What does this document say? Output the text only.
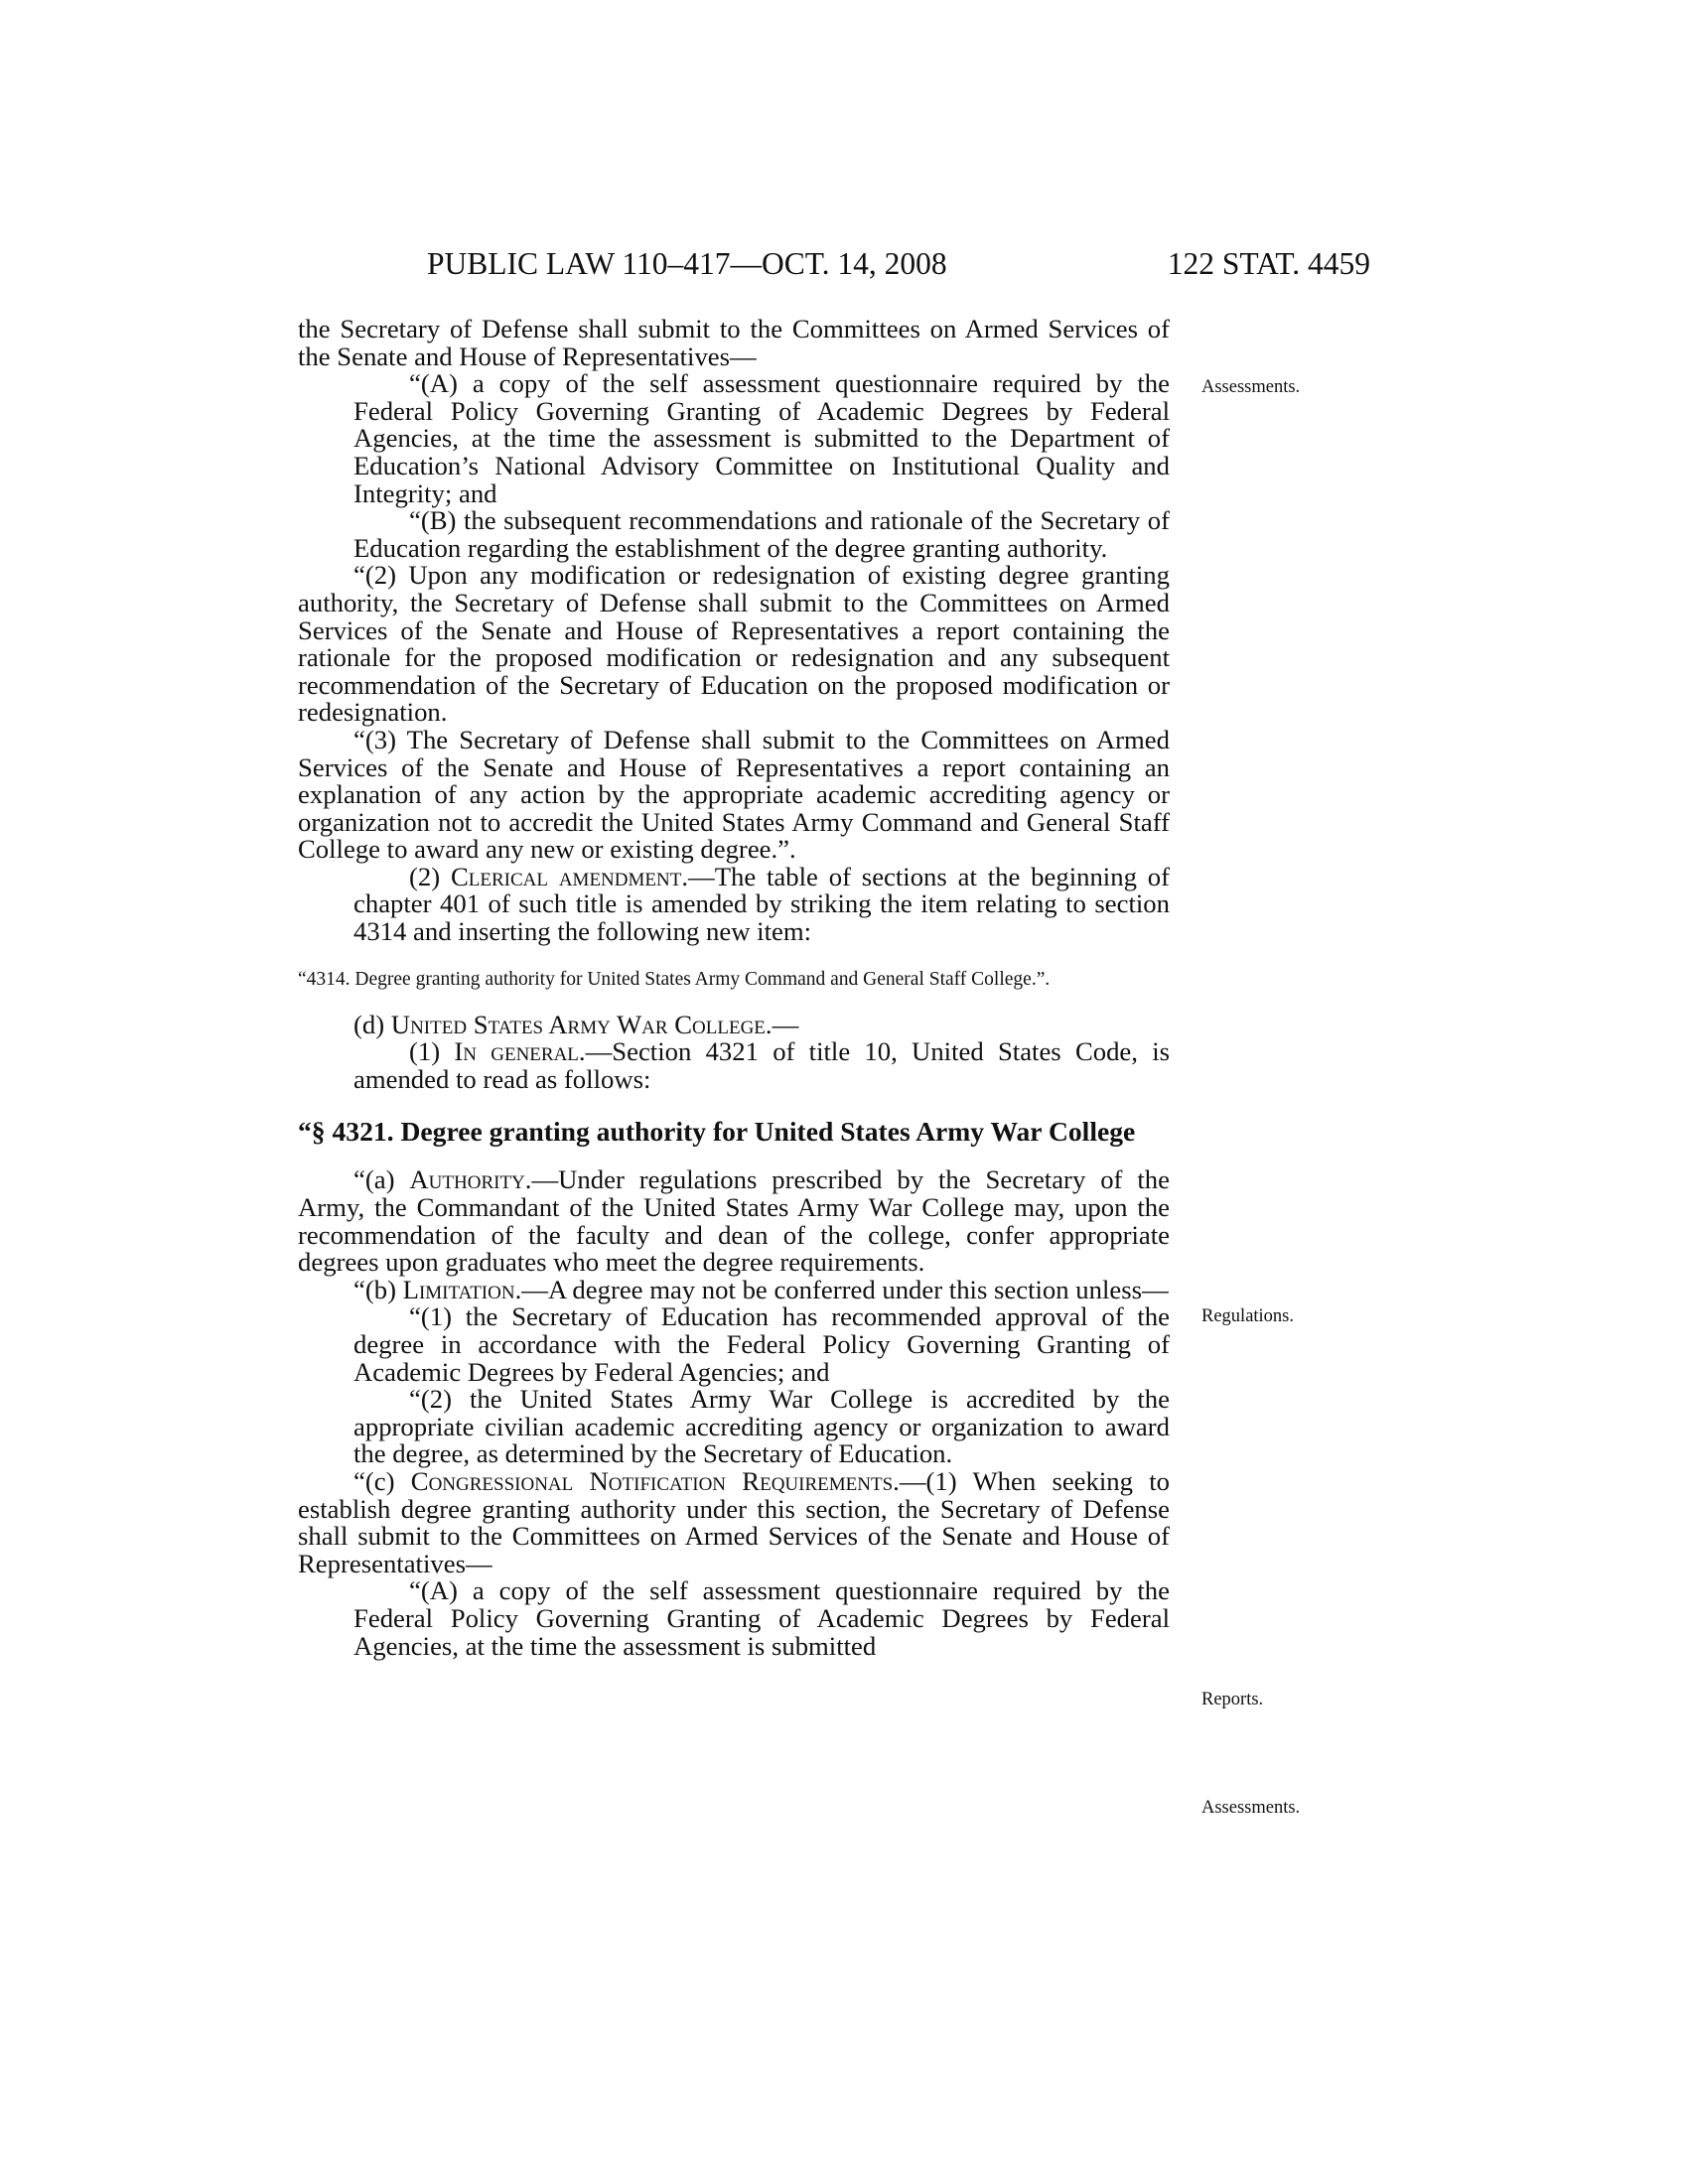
PUBLIC LAW 110–417—OCT. 14, 2008	122 STAT. 4459

the Secretary of Defense shall submit to the Committees on Armed Services of the Senate and House of Representatives—

“(A) a copy of the self assessment questionnaire required by the Federal Policy Governing Granting of Academic Degrees by Federal Agencies, at the time the assessment is submitted to the Department of Education’s National Advisory Committee on Institutional Quality and Integrity; and

“(B) the subsequent recommendations and rationale of the Secretary of Education regarding the establishment of the degree granting authority.

“(2) Upon any modification or redesignation of existing degree granting authority, the Secretary of Defense shall submit to the Committees on Armed Services of the Senate and House of Representatives a report containing the rationale for the proposed modification or redesignation and any subsequent recommendation of the Secretary of Education on the proposed modification or redesignation.

“(3) The Secretary of Defense shall submit to the Committees on Armed Services of the Senate and House of Representatives a report containing an explanation of any action by the appropriate academic accrediting agency or organization not to accredit the United States Army Command and General Staff College to award any new or existing degree.”.

(2) Clerical amendment.—The table of sections at the beginning of chapter 401 of such title is amended by striking the item relating to section 4314 and inserting the following new item:

“4314. Degree granting authority for United States Army Command and General Staff College.”.

(d) United States Army War College.—

(1) In general.—Section 4321 of title 10, United States Code, is amended to read as follows:

“§ 4321. Degree granting authority for United States Army War College

“(a) Authority.—Under regulations prescribed by the Secretary of the Army, the Commandant of the United States Army War College may, upon the recommendation of the faculty and dean of the college, confer appropriate degrees upon graduates who meet the degree requirements.

“(b) Limitation.—A degree may not be conferred under this section unless—

“(1) the Secretary of Education has recommended approval of the degree in accordance with the Federal Policy Governing Granting of Academic Degrees by Federal Agencies; and

“(2) the United States Army War College is accredited by the appropriate civilian academic accrediting agency or organization to award the degree, as determined by the Secretary of Education.

“(c) Congressional Notification Requirements.—(1) When seeking to establish degree granting authority under this section, the Secretary of Defense shall submit to the Committees on Armed Services of the Senate and House of Representatives—

“(A) a copy of the self assessment questionnaire required by the Federal Policy Governing Granting of Academic Degrees by Federal Agencies, at the time the assessment is submitted

Assessments.
Regulations.
Reports.
Assessments.
